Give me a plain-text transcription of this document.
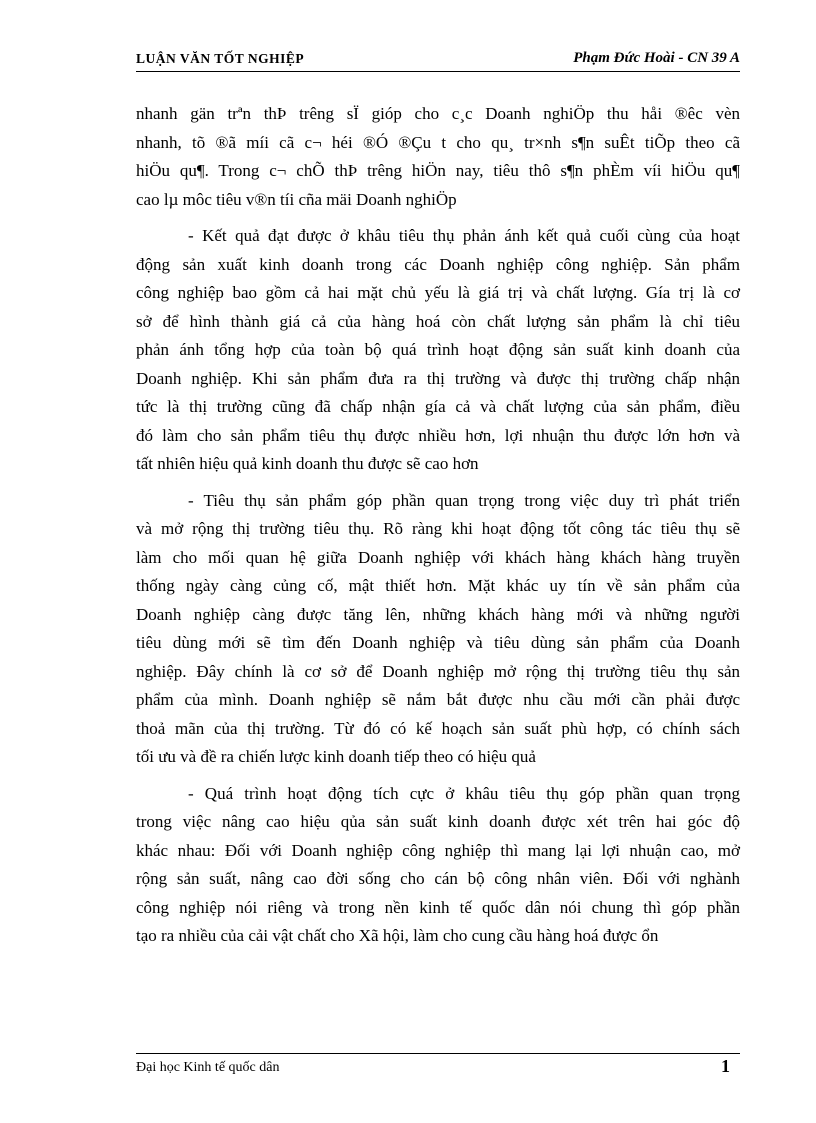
LUẬN VĂN TỐT NGHIỆP	Phạm Đức Hoài - CN 39 A
nhanh gän trªn thÞ trêng sÏ gióp cho c¸c Doanh nghiÖp thu håi ®êc vèn
nhanh, tõ ®ã míi cã c¬ héi ®Ó ®Çu t cho qu¸ tr×nh s¶n suÊt tiÕp theo cã
hiÖu qu¶. Trong c¬ chÕ thÞ trêng hiÖn nay, tiêu thô s¶n phÈm víi hiÖu qu¶
cao lµ môc tiêu v®n tíi cña mäi Doanh nghiÖp
- Kết quả đạt được ở khâu tiêu thụ phản ánh kết quả cuối cùng của hoạt
động sản xuất kinh doanh trong các Doanh nghiệp công nghiệp. Sản phẩm
công nghiệp bao gồm cả hai mặt chủ yếu là giá trị và chất lượng. Gía trị là cơ
sở để hình thành giá cả của hàng hoá còn chất lượng sản phẩm là chỉ tiêu
phản ánh tổng hợp của toàn bộ quá trình hoạt động sản suất kinh doanh của
Doanh nghiệp. Khi sản phẩm đưa ra thị trường và được thị trường chấp nhận
tức là thị trường cũng đã chấp nhận gía cả và chất lượng của sản phẩm, điều
đó làm cho sản phẩm tiêu thụ được nhiều hơn, lợi nhuận thu được lớn hơn và
tất nhiên hiệu quả kinh doanh thu được sẽ cao hơn
- Tiêu thụ sản phẩm góp phần quan trọng trong việc duy trì phát triển
và mở rộng thị trường tiêu thụ. Rõ ràng khi hoạt động tốt công tác tiêu thụ sẽ
làm cho mối quan hệ giữa Doanh nghiệp với khách hàng khách hàng truyền
thống ngày càng củng cố, mật thiết hơn. Mặt khác uy tín về sản phẩm của
Doanh nghiệp càng được tăng lên, những khách hàng mới và những người
tiêu dùng mới sẽ tìm đến Doanh nghiệp và tiêu dùng sản phẩm của Doanh
nghiệp. Đây chính là cơ sở để Doanh nghiệp mở rộng thị trường tiêu thụ sản
phẩm của mình. Doanh nghiệp sẽ nắm bắt được nhu cầu mới cần phải được
thoả mãn của thị trường. Từ đó có kế hoạch sản suất phù hợp, có chính sách
tối ưu và đề ra chiến lược kinh doanh tiếp theo có hiệu quả
- Quá trình hoạt động tích cực ở khâu tiêu thụ góp phần quan trọng
trong việc nâng cao hiệu qủa sản suất kinh doanh được xét trên hai góc độ
khác nhau: Đối với Doanh nghiệp công nghiệp thì mang lại lợi nhuận cao, mở
rộng sản suất, nâng cao đời sống cho cán bộ công nhân viên. Đối với nghành
công nghiệp nói riêng và trong nền kinh tế quốc dân nói chung thì góp phần
tạo ra nhiều của cải vật chất cho Xã hội, làm cho cung cầu hàng hoá được ổn
Đại học Kinh tế quốc dân	1
